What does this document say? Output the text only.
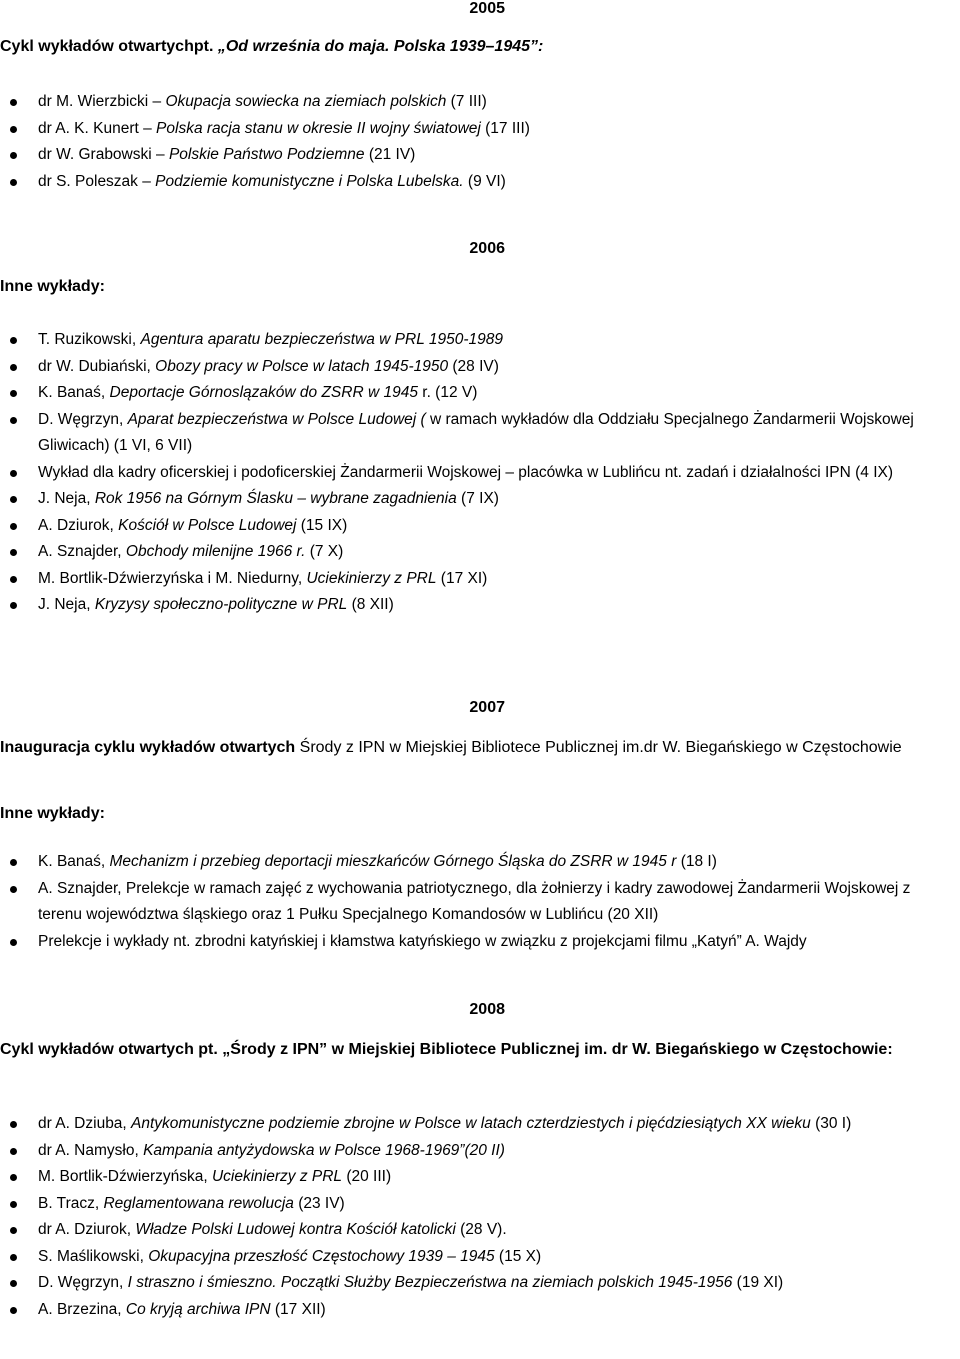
2005
Cykl wykładów otwartychpt. „Od września do maja. Polska 1939–1945”:
dr M. Wierzbicki – Okupacja sowiecka na ziemiach polskich (7 III)
dr A. K. Kunert – Polska racja stanu w okresie II wojny światowej (17 III)
dr W. Grabowski – Polskie Państwo Podziemne (21 IV)
dr S. Poleszak – Podziemie komunistyczne i Polska Lubelska. (9 VI)
2006
Inne wykłady:
T. Ruzikowski, Agentura aparatu bezpieczeństwa w PRL 1950-1989
dr W. Dubiański, Obozy pracy w Polsce w latach 1945-1950 (28 IV)
K. Banaś, Deportacje Górnoslązaków do ZSRR w 1945 r. (12 V)
D. Węgrzyn, Aparat bezpieczeństwa w Polsce Ludowej ( w ramach wykładów dla Oddziału Specjalnego Żandarmerii Wojskowej Gliwicach) (1 VI, 6 VII)
Wykład dla kadry oficerskiej i podoficerskiej Żandarmerii Wojskowej – placówka w Lublińcu nt. zadań i działalności IPN (4 IX)
J. Neja, Rok 1956 na Górnym Ślasku – wybrane zagadnienia (7 IX)
A. Dziurok, Kościół w Polsce Ludowej (15 IX)
A. Sznajder, Obchody milenijne 1966 r. (7 X)
M. Bortlik-Dźwierzyńska i M. Niedurny, Uciekinierzy z PRL (17 XI)
J. Neja, Kryzysy społeczno-polityczne w PRL (8 XII)
2007
Inauguracja cyklu wykładów otwartych Środy z IPN w Miejskiej Bibliotece Publicznej im.dr W. Biegańskiego w Częstochowie
Inne wykłady:
K. Banaś, Mechanizm i przebieg deportacji mieszkańców Górnego Śląska do ZSRR w 1945 r (18 I)
A. Sznajder, Prelekcje w ramach zajęć z wychowania patriotycznego, dla żołnierzy i kadry zawodowej Żandarmerii Wojskowej z terenu województwa śląskiego oraz 1 Pułku Specjalnego Komandosów w Lublińcu (20 XII)
Prelekcje i wykłady nt. zbrodni katyńskiej i kłamstwa katyńskiego w związku z projekcjami filmu „Katyń” A. Wajdy
2008
Cykl wykładów otwartych pt. „Środy z IPN” w Miejskiej Bibliotece Publicznej im. dr W. Biegańskiego w Częstochowie:
dr A. Dziuba, Antykomunistyczne podziemie zbrojne w Polsce w latach czterdziestych i pięćdziesiątych XX wieku (30 I)
dr A. Namysło, Kampania antyżydowska w Polsce 1968-1969”(20 II)
M. Bortlik-Dźwierzyńska, Uciekinierzy z PRL (20 III)
B. Tracz, Reglamentowana rewolucja (23 IV)
dr A. Dziurok, Władze Polski Ludowej kontra Kościół katolicki (28 V).
S. Maślikowski, Okupacyjna przeszłość Częstochowy 1939 – 1945 (15 X)
D. Węgrzyn, I straszno i śmieszno. Początki Służby Bezpieczeństwa na ziemiach polskich 1945-1956 (19 XI)
A. Brzezina, Co kryją archiwa IPN (17 XII)
